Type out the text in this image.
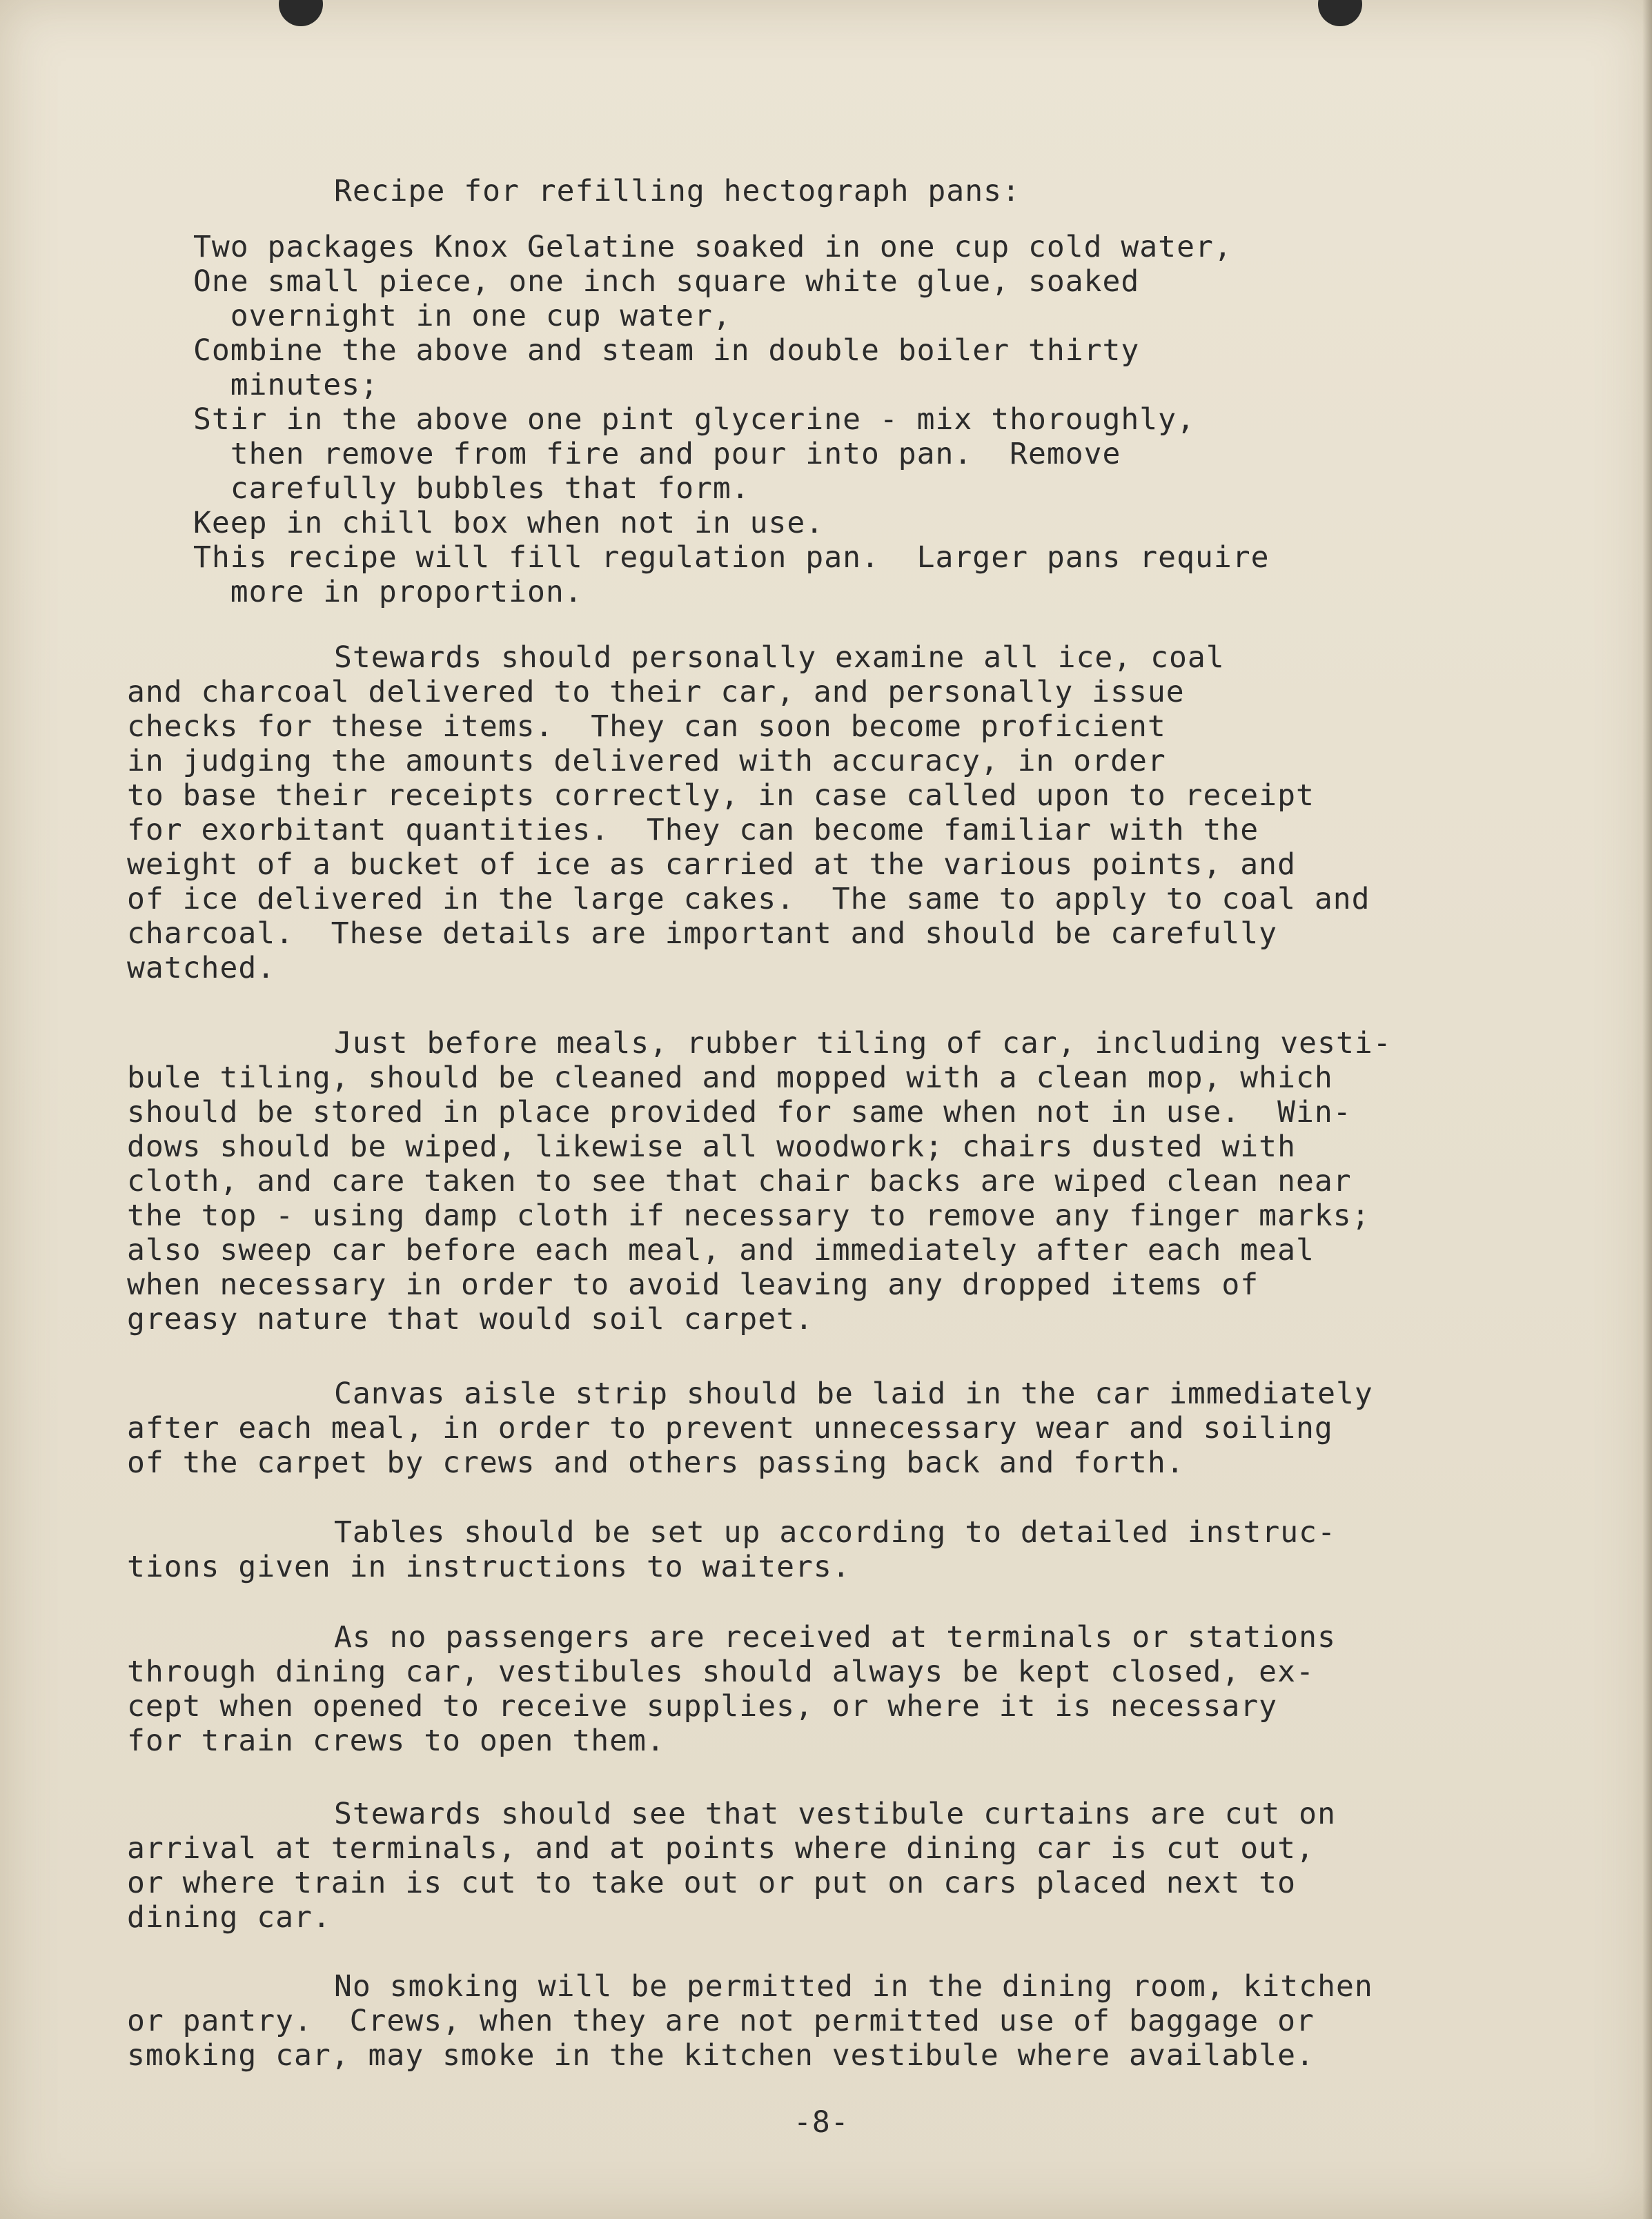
Recipe for refilling hectograph pans:

Two packages Knox Gelatine soaked in one cup cold water,
One small piece, one inch square white glue, soaked
overnight in one cup water,
Combine the above and steam in double boiler thirty
minutes;
Stir in the above one pint glycerine - mix thoroughly,
then remove from fire and pour into pan.  Remove
carefully bubbles that form.
Keep in chill box when not in use.
This recipe will fill regulation pan.  Larger pans require
more in proportion.

Stewards should personally examine all ice, coal
and charcoal delivered to their car, and personally issue
checks for these items.  They can soon become proficient
in judging the amounts delivered with accuracy, in order
to base their receipts correctly, in case called upon to receipt
for exorbitant quantities.  They can become familiar with the
weight of a bucket of ice as carried at the various points, and
of ice delivered in the large cakes.  The same to apply to coal and
charcoal.  These details are important and should be carefully
watched.

Just before meals, rubber tiling of car, including vesti-
bule tiling, should be cleaned and mopped with a clean mop, which
should be stored in place provided for same when not in use.  Win-
dows should be wiped, likewise all woodwork; chairs dusted with
cloth, and care taken to see that chair backs are wiped clean near
the top - using damp cloth if necessary to remove any finger marks;
also sweep car before each meal, and immediately after each meal
when necessary in order to avoid leaving any dropped items of
greasy nature that would soil carpet.

Canvas aisle strip should be laid in the car immediately
after each meal, in order to prevent unnecessary wear and soiling
of the carpet by crews and others passing back and forth.

Tables should be set up according to detailed instruc-
tions given in instructions to waiters.

As no passengers are received at terminals or stations
through dining car, vestibules should always be kept closed, ex-
cept when opened to receive supplies, or where it is necessary
for train crews to open them.

Stewards should see that vestibule curtains are cut on
arrival at terminals, and at points where dining car is cut out,
or where train is cut to take out or put on cars placed next to
dining car.

No smoking will be permitted in the dining room, kitchen
or pantry.  Crews, when they are not permitted use of baggage or
smoking car, may smoke in the kitchen vestibule where available.

-8-
